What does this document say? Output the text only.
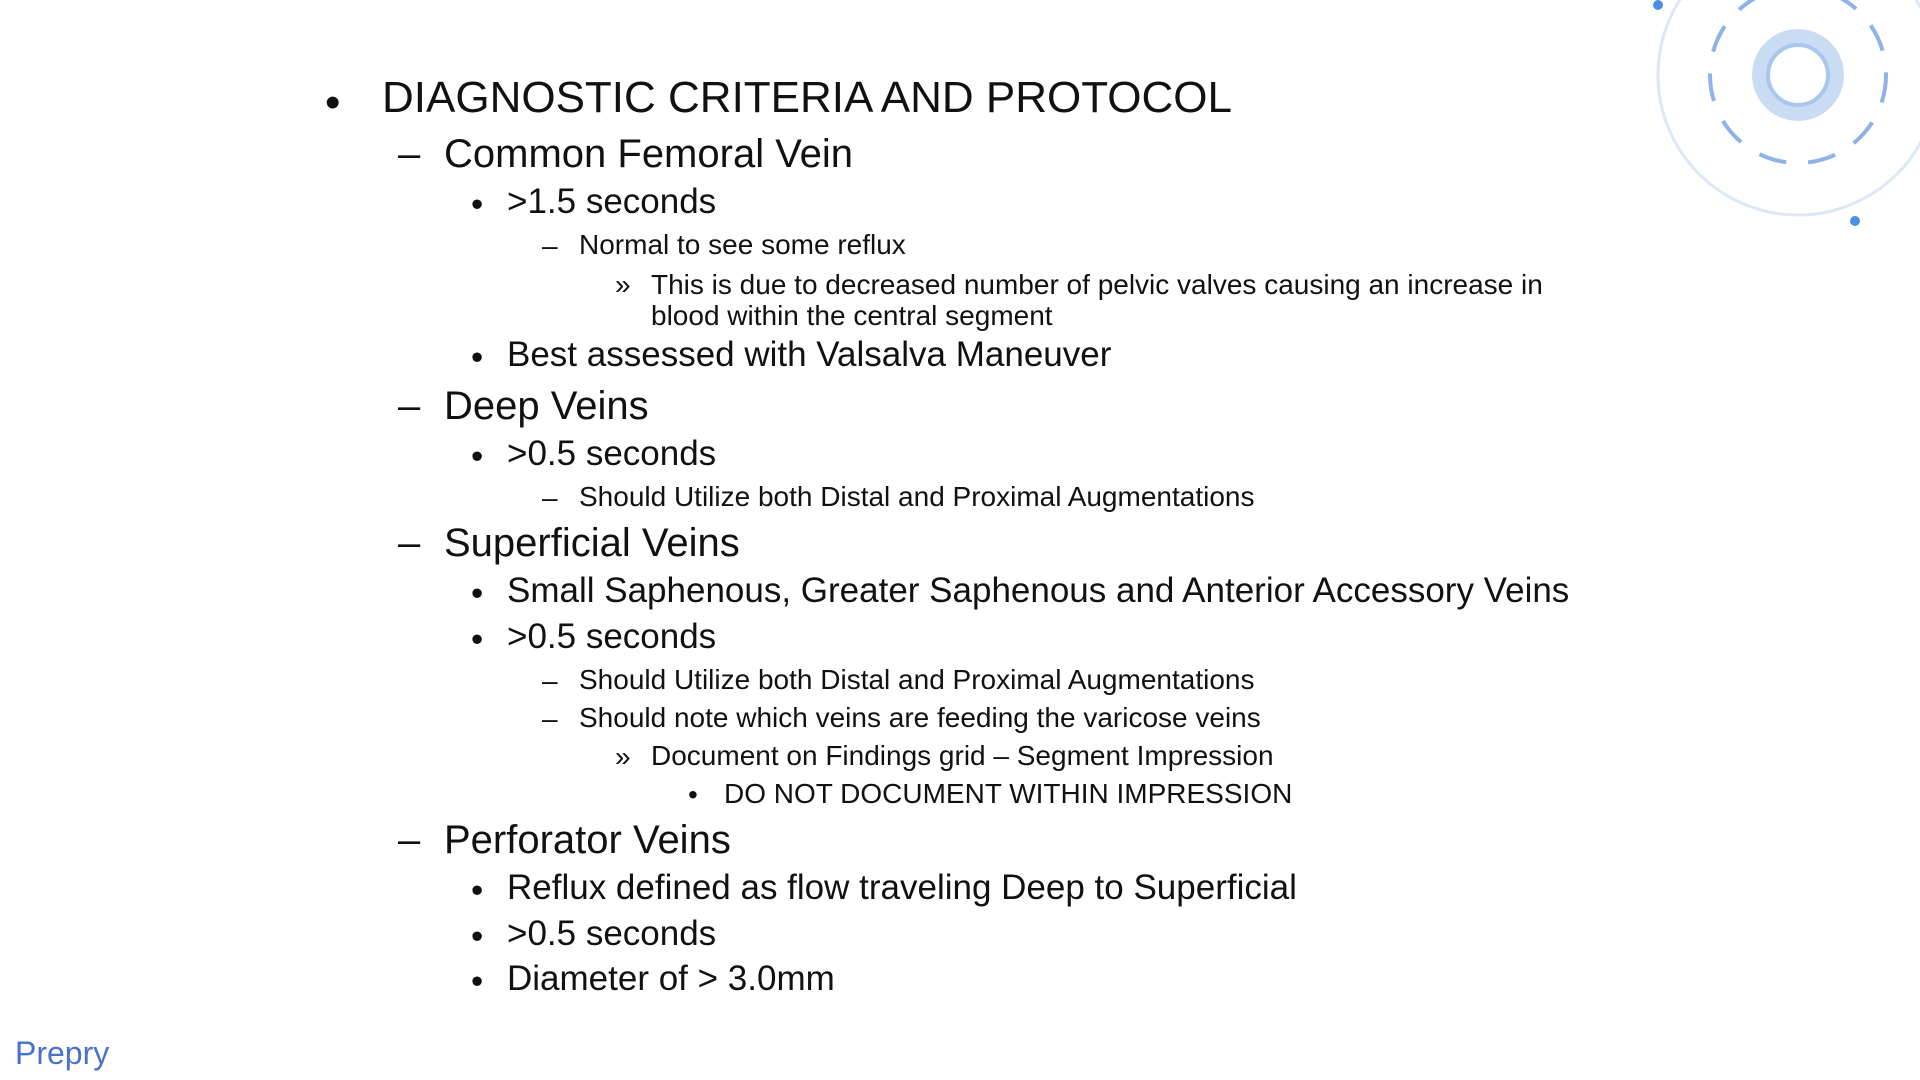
• DIAGNOSTIC CRITERIA AND PROTOCOL
– Common Femoral Vein
• >1.5 seconds
– Normal to see some reflux
» This is due to decreased number of pelvic valves causing an increase in blood within the central segment
• Best assessed with Valsalva Maneuver
– Deep Veins
• >0.5 seconds
– Should Utilize both Distal and Proximal Augmentations
– Superficial Veins
• Small Saphenous, Greater Saphenous and Anterior Accessory Veins
• >0.5 seconds
– Should Utilize both Distal and Proximal Augmentations
– Should note which veins are feeding the varicose veins
» Document on Findings grid – Segment Impression
• DO NOT DOCUMENT WITHIN IMPRESSION
– Perforator Veins
• Reflux defined as flow traveling Deep to Superficial
• >0.5 seconds
• Diameter of > 3.0mm
Prepry
